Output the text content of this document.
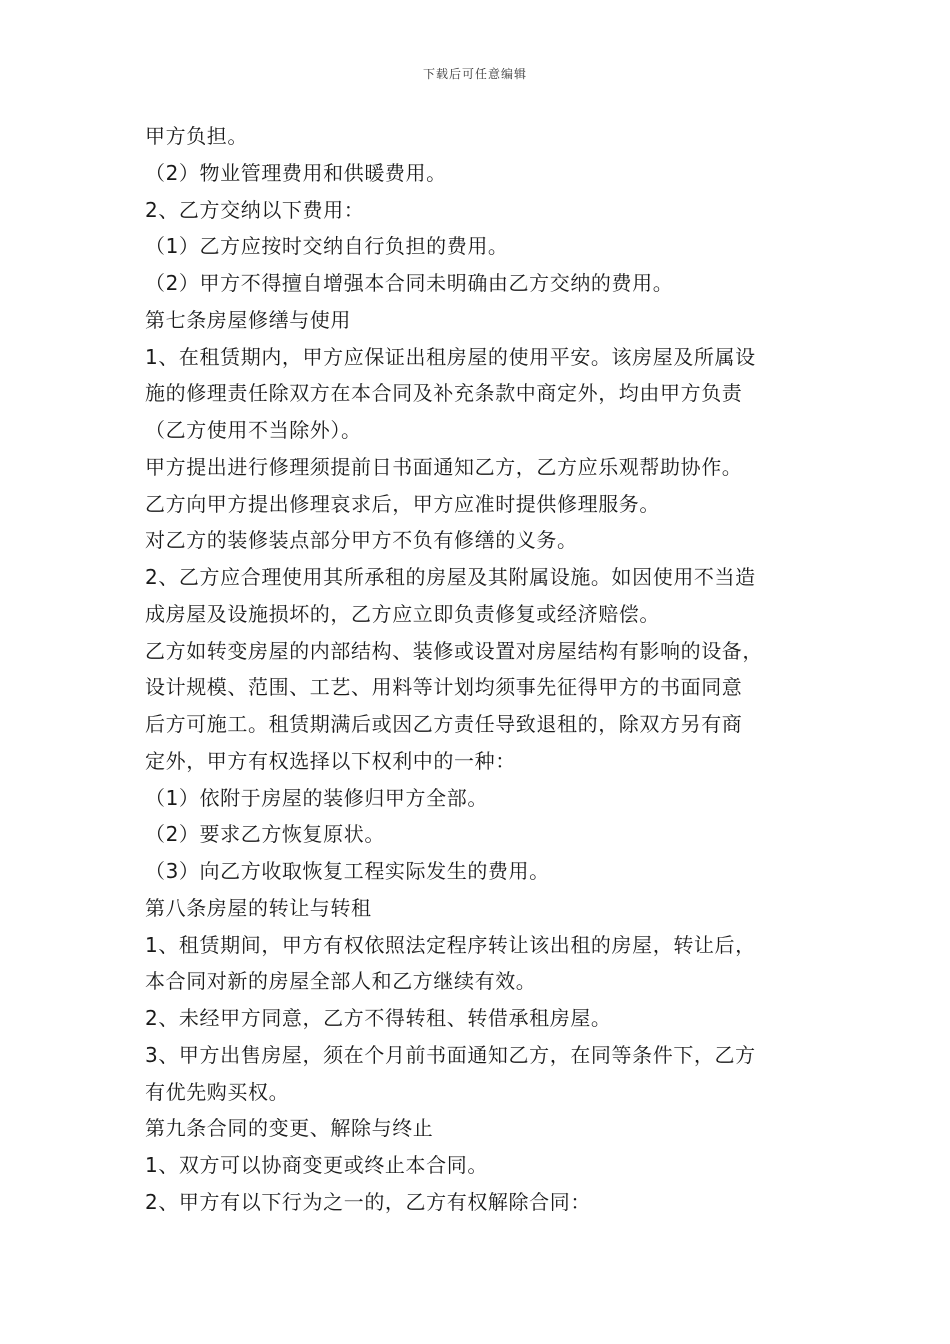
下载后可任意编辑
甲方负担。
（2）物业管理费用和供暖费用。
2、乙方交纳以下费用：
（1）乙方应按时交纳自行负担的费用。
（2）甲方不得擅自增强本合同未明确由乙方交纳的费用。
第七条房屋修缮与使用
1、在租赁期内，甲方应保证出租房屋的使用平安。该房屋及所属设
施的修理责任除双方在本合同及补充条款中商定外，均由甲方负责
（乙方使用不当除外）。
甲方提出进行修理须提前日书面通知乙方，乙方应乐观帮助协作。
乙方向甲方提出修理哀求后，甲方应准时提供修理服务。
对乙方的装修装点部分甲方不负有修缮的义务。
2、乙方应合理使用其所承租的房屋及其附属设施。如因使用不当造
成房屋及设施损坏的，乙方应立即负责修复或经济赔偿。
乙方如转变房屋的内部结构、装修或设置对房屋结构有影响的设备，
设计规模、范围、工艺、用料等计划均须事先征得甲方的书面同意
后方可施工。租赁期满后或因乙方责任导致退租的，除双方另有商
定外，甲方有权选择以下权利中的一种：
（1）依附于房屋的装修归甲方全部。
（2）要求乙方恢复原状。
（3）向乙方收取恢复工程实际发生的费用。
第八条房屋的转让与转租
1、租赁期间，甲方有权依照法定程序转让该出租的房屋，转让后，
本合同对新的房屋全部人和乙方继续有效。
2、未经甲方同意，乙方不得转租、转借承租房屋。
3、甲方出售房屋，须在个月前书面通知乙方，在同等条件下，乙方
有优先购买权。
第九条合同的变更、解除与终止
1、双方可以协商变更或终止本合同。
2、甲方有以下行为之一的，乙方有权解除合同：
